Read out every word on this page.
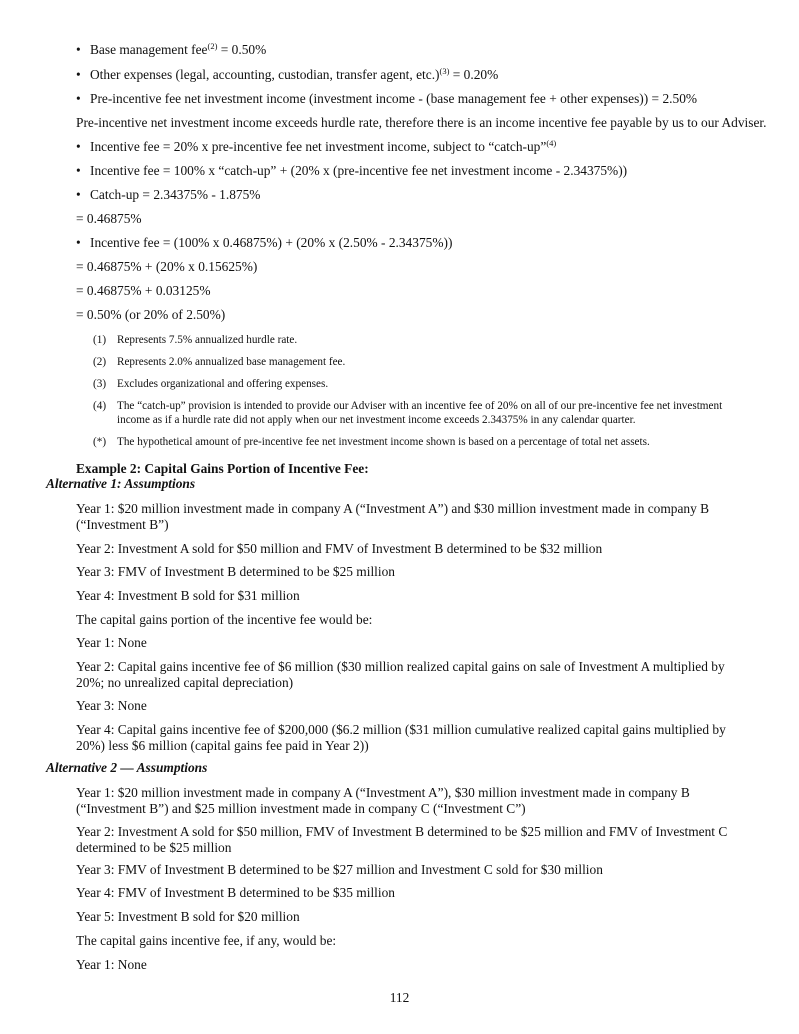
• Base management fee$^{(2)}$ = 0.50%
• Other expenses (legal, accounting, custodian, transfer agent, etc.)$^{(3)}$ = 0.20%
• Pre-incentive fee net investment income (investment income - (base management fee + other expenses)) = 2.50%
Pre-incentive net investment income exceeds hurdle rate, therefore there is an income incentive fee payable by us to our Adviser.
• Incentive fee = 20% x pre-incentive fee net investment income, subject to “catch-up”$^{(4)}$
• Incentive fee = 100% x “catch-up” + (20% x (pre-incentive fee net investment income - 2.34375%))
• Catch-up = 2.34375% - 1.875%
= 0.46875%
• Incentive fee = (100% x 0.46875%) + (20% x (2.50% - 2.34375%))
= 0.46875% + (20% x 0.15625%)
= 0.46875% + 0.03125%
= 0.50% (or 20% of 2.50%)
(1) Represents 7.5% annualized hurdle rate.
(2) Represents 2.0% annualized base management fee.
(3) Excludes organizational and offering expenses.
(4) The “catch-up” provision is intended to provide our Adviser with an incentive fee of 20% on all of our pre-incentive fee net investment income as if a hurdle rate did not apply when our net investment income exceeds 2.34375% in any calendar quarter.
(*) The hypothetical amount of pre-incentive fee net investment income shown is based on a percentage of total net assets.
Example 2: Capital Gains Portion of Incentive Fee:
Alternative 1: Assumptions
Year 1: $20 million investment made in company A (“Investment A”) and $30 million investment made in company B (“Investment B”)
Year 2: Investment A sold for $50 million and FMV of Investment B determined to be $32 million
Year 3: FMV of Investment B determined to be $25 million
Year 4: Investment B sold for $31 million
The capital gains portion of the incentive fee would be:
Year 1: None
Year 2: Capital gains incentive fee of $6 million ($30 million realized capital gains on sale of Investment A multiplied by 20%; no unrealized capital depreciation)
Year 3: None
Year 4: Capital gains incentive fee of $200,000 ($6.2 million ($31 million cumulative realized capital gains multiplied by 20%) less $6 million (capital gains fee paid in Year 2))
Alternative 2 — Assumptions
Year 1: $20 million investment made in company A (“Investment A”), $30 million investment made in company B (“Investment B”) and $25 million investment made in company C (“Investment C”)
Year 2: Investment A sold for $50 million, FMV of Investment B determined to be $25 million and FMV of Investment C determined to be $25 million
Year 3: FMV of Investment B determined to be $27 million and Investment C sold for $30 million
Year 4: FMV of Investment B determined to be $35 million
Year 5: Investment B sold for $20 million
The capital gains incentive fee, if any, would be:
Year 1: None
112
